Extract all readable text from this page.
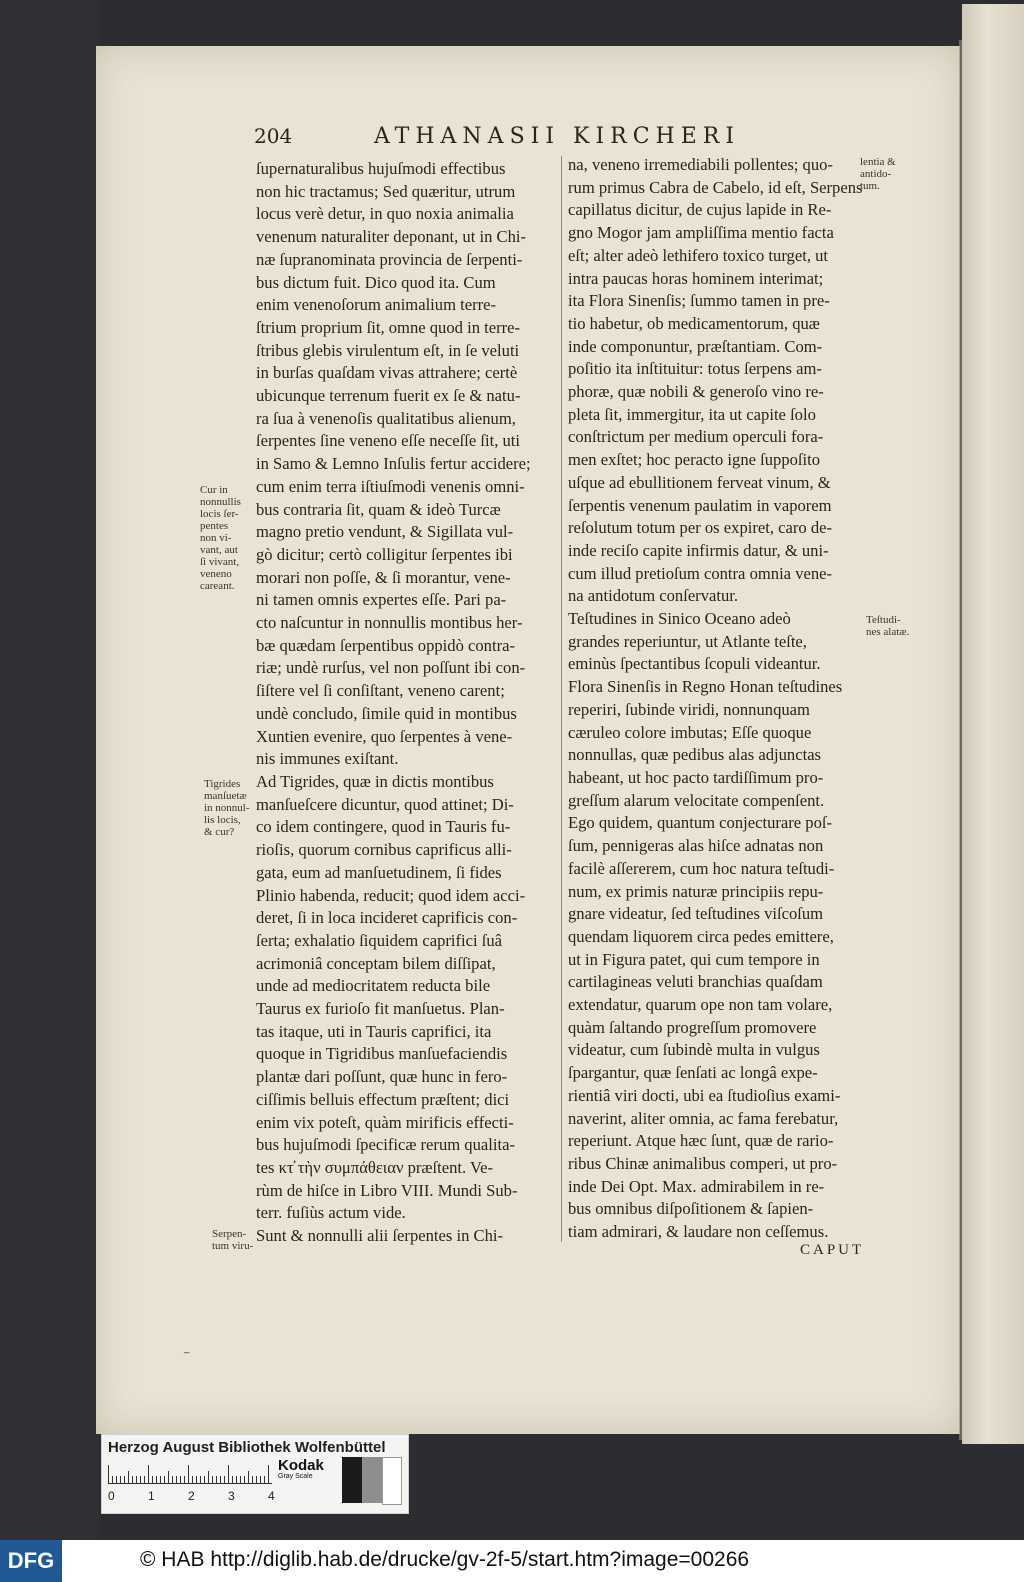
204	ATHANASII KIRCHERI
ſupernaturalibus hujuſmodi effectibus
non hic tractamus; Sed quæritur, utrum
locus verè detur, in quo noxia animalia
venenum naturaliter deponant, ut in Chi-
næ ſupranominata provincia de ſerpenti-
bus dictum fuit. Dico quod ita. Cum
enim venenoſorum animalium terre-
ſtrium proprium ſit, omne quod in terre-
ſtribus glebis virulentum eſt, in ſe veluti
in burſas quaſdam vivas attrahere; certè
ubicunque terrenum fuerit ex ſe & natu-
ra ſua à venenoſis qualitatibus alienum,
ſerpentes ſine veneno eſſe neceſſe ſit, uti
in Samo & Lemno Inſulis fertur accidere;
cum enim terra iſtiuſmodi venenis omni-
bus contraria ſit, quam & ideò Turcæ
magno pretio vendunt, & Sigillata vul-
gò dicitur; certò colligitur ſerpentes ibi
morari non poſſe, & ſi morantur, vene-
ni tamen omnis expertes eſſe. Pari pa-
cto naſcuntur in nonnullis montibus her-
bæ quædam ſerpentibus oppidò contra-
riæ; undè rurſus, vel non poſſunt ibi con-
ſiſtere vel ſi conſiſtant, veneno carent;
undè concludo, ſimile quid in montibus
Xuntien evenire, quo ſerpentes à vene-
nis immunes exiſtant.
Ad Tigrides, quæ in dictis montibus
manſueſcere dicuntur, quod attinet; Di-
co idem contingere, quod in Tauris fu-
rioſis, quorum cornibus caprificus alli-
gata, eum ad manſuetudinem, ſi fides
Plinio habenda, reducit; quod idem acci-
deret, ſi in loca incideret caprificis con-
ſerta; exhalatio ſiquidem caprifici ſuâ
acrimoniâ conceptam bilem diſſipat,
unde ad mediocritatem reducta bile
Taurus ex furioſo fit manſuetus. Plan-
tas itaque, uti in Tauris caprifici, ita
quoque in Tigridibus manſuefaciendis
plantæ dari poſſunt, quæ hunc in fero-
ciſſimis belluis effectum præſtent; dici
enim vix poteſt, quàm mirificis effecti-
bus hujuſmodi ſpecificæ rerum qualita-
tes κτ̕ τὴν συμπάθειαν præſtent. Ve-
rùm de hiſce in Libro VIII. Mundi Sub-
terr. fuſiùs actum vide.
Sunt & nonnulli alii ſerpentes in Chi-
na, veneno irremediabili pollentes; quo-
rum primus Cabra de Cabelo, id eſt, Serpens
capillatus dicitur, de cujus lapide in Re-
gno Mogor jam ampliſſima mentio facta
eſt; alter adeò lethifero toxico turget, ut
intra paucas horas hominem interimat;
ita Flora Sinenſis; ſummo tamen in pre-
tio habetur, ob medicamentorum, quæ
inde componuntur, præſtantiam. Com-
poſitio ita inſtituitur: totus ſerpens am-
phoræ, quæ nobili & generoſo vino re-
pleta ſit, immergitur, ita ut capite ſolo
conſtrictum per medium operculi fora-
men exſtet; hoc peracto igne ſuppoſito
uſque ad ebullitionem ferveat vinum, &
ſerpentis venenum paulatim in vaporem
reſolutum totum per os expiret, caro de-
inde reciſo capite infirmis datur, & uni-
cum illud pretioſum contra omnia vene-
na antidotum conſervatur.
Teſtudines in Sinico Oceano adeò
grandes reperiuntur, ut Atlante teſte,
eminùs ſpectantibus ſcopuli videantur.
Flora Sinenſis in Regno Honan teſtudines
reperiri, ſubinde viridi, nonnunquam
cæruleo colore imbutas; Eſſe quoque
nonnullas, quæ pedibus alas adjunctas
habeant, ut hoc pacto tardiſſimum pro-
greſſum alarum velocitate compenſent.
Ego quidem, quantum conjecturare poſ-
ſum, pennigeras alas hiſce adnatas non
facilè aſſererem, cum hoc natura teſtudi-
num, ex primis naturæ principiis repu-
gnare videatur, ſed teſtudines viſcoſum
quendam liquorem circa pedes emittere,
ut in Figura patet, qui cum tempore in
cartilagineas veluti branchias quaſdam
extendatur, quarum ope non tam volare,
quàm ſaltando progreſſum promovere
videatur, cum ſubindè multa in vulgus
ſpargantur, quæ ſenſati ac longâ expe-
rientiâ viri docti, ubi ea ſtudioſius exami-
naverint, aliter omnia, ac fama ferebatur,
reperiunt. Atque hæc ſunt, quæ de rario-
ribus Chinæ animalibus comperi, ut pro-
inde Dei Opt. Max. admirabilem in re-
bus omnibus diſpoſitionem & ſapien-
tiam admirari, & laudare non ceſſemus.
Cur in
nonnullis
locis ſer-
pentes
non vi-
vant, aut
ſi vivant,
veneno
careant.
Tigrides
manſuetæ
in nonnul-
lis locis,
& cur?
Serpen-
tum viru-
lentia &
antido-
tum.
Teſtudi-
nes alatæ.
CAPUT
⁻
Herzog August Bibliothek Wolfenbüttel
0	1	2	3	4
Kodak
Gray Scale
DFG	© HAB http://diglib.hab.de/drucke/gv-2f-5/start.htm?image=00266
